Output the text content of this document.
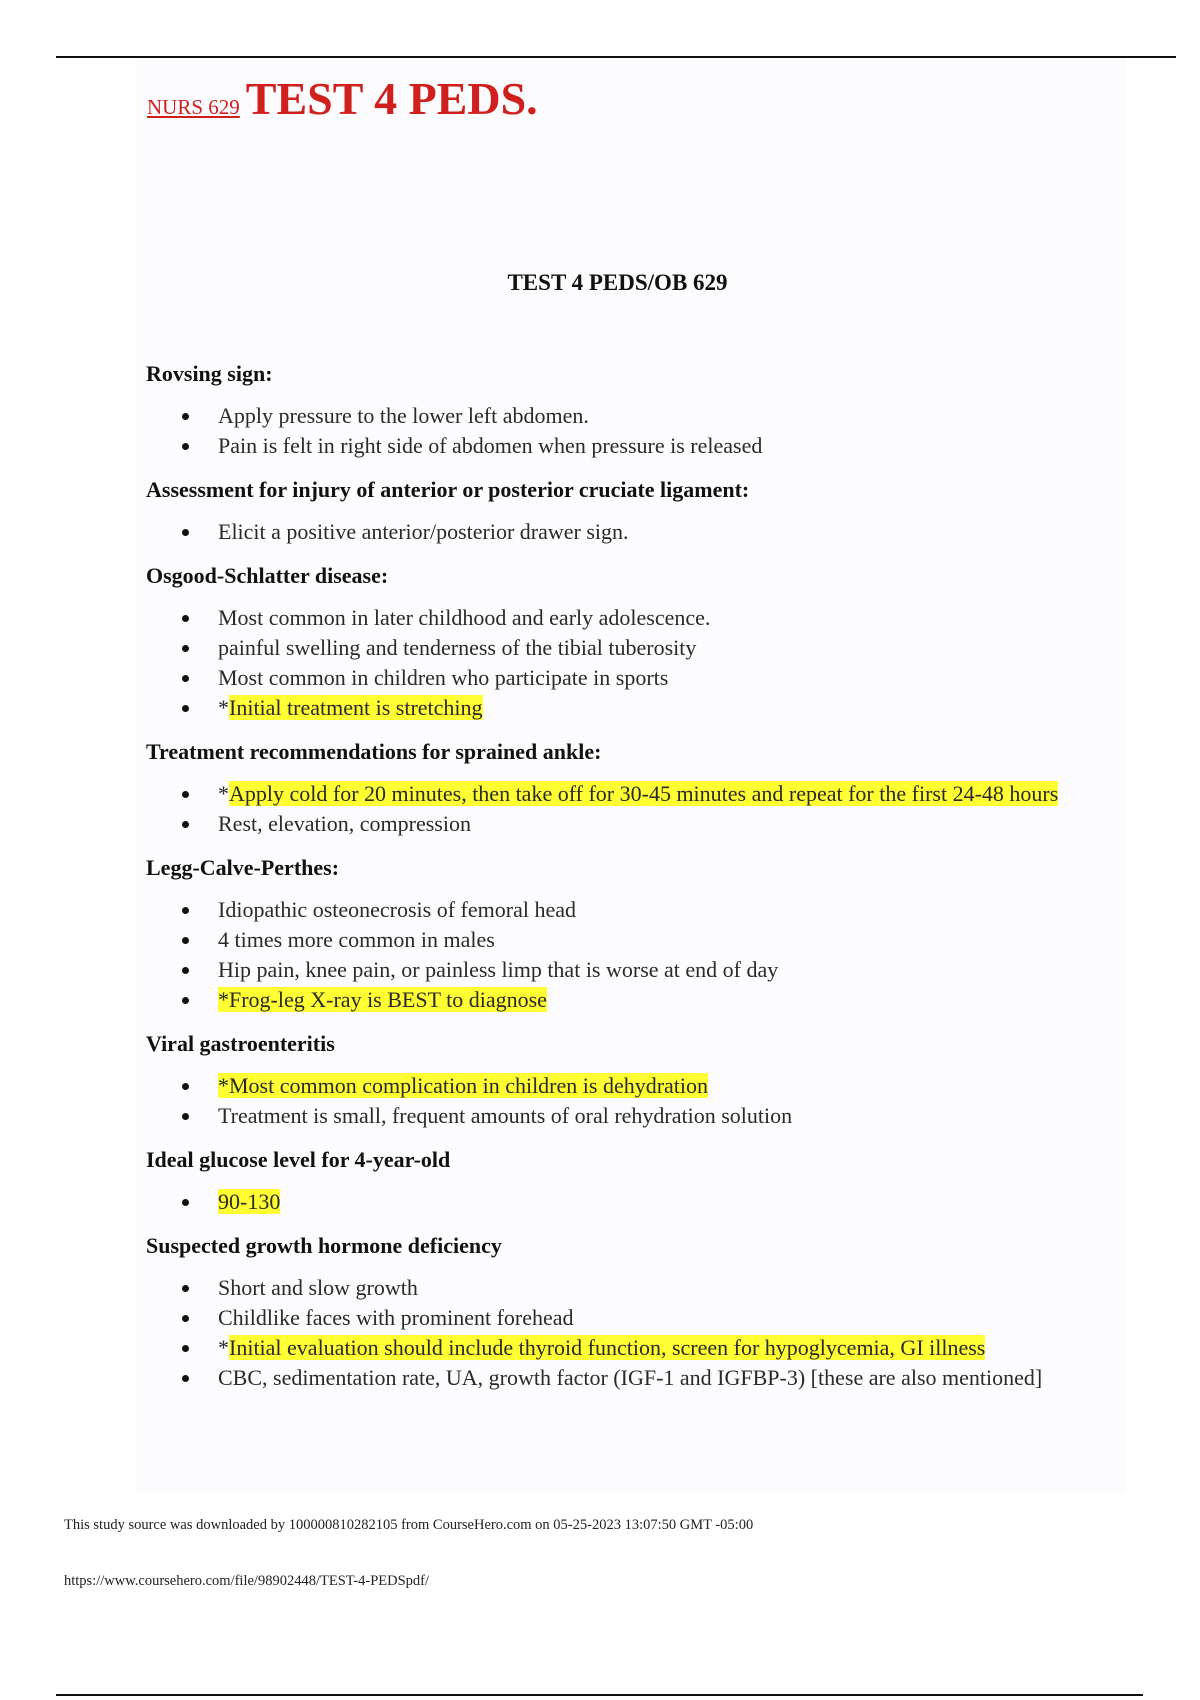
NURS 629 TEST 4 PEDS.
TEST 4 PEDS/OB 629
Rovsing sign:
Apply pressure to the lower left abdomen.
Pain is felt in right side of abdomen when pressure is released
Assessment for injury of anterior or posterior cruciate ligament:
Elicit a positive anterior/posterior drawer sign.
Osgood-Schlatter disease:
Most common in later childhood and early adolescence.
painful swelling and tenderness of the tibial tuberosity
Most common in children who participate in sports
*Initial treatment is stretching
Treatment recommendations for sprained ankle:
*Apply cold for 20 minutes, then take off for 30-45 minutes and repeat for the first 24-48 hours
Rest, elevation, compression
Legg-Calve-Perthes:
Idiopathic osteonecrosis of femoral head
4 times more common in males
Hip pain, knee pain, or painless limp that is worse at end of day
*Frog-leg X-ray is BEST to diagnose
Viral gastroenteritis
*Most common complication in children is dehydration
Treatment is small, frequent amounts of oral rehydration solution
Ideal glucose level for 4-year-old
90-130
Suspected growth hormone deficiency
Short and slow growth
Childlike faces with prominent forehead
*Initial evaluation should include thyroid function, screen for hypoglycemia, GI illness
CBC, sedimentation rate, UA, growth factor (IGF-1 and IGFBP-3) [these are also mentioned]
This study source was downloaded by 100000810282105 from CourseHero.com on 05-25-2023 13:07:50 GMT -05:00
https://www.coursehero.com/file/98902448/TEST-4-PEDSpdf/
